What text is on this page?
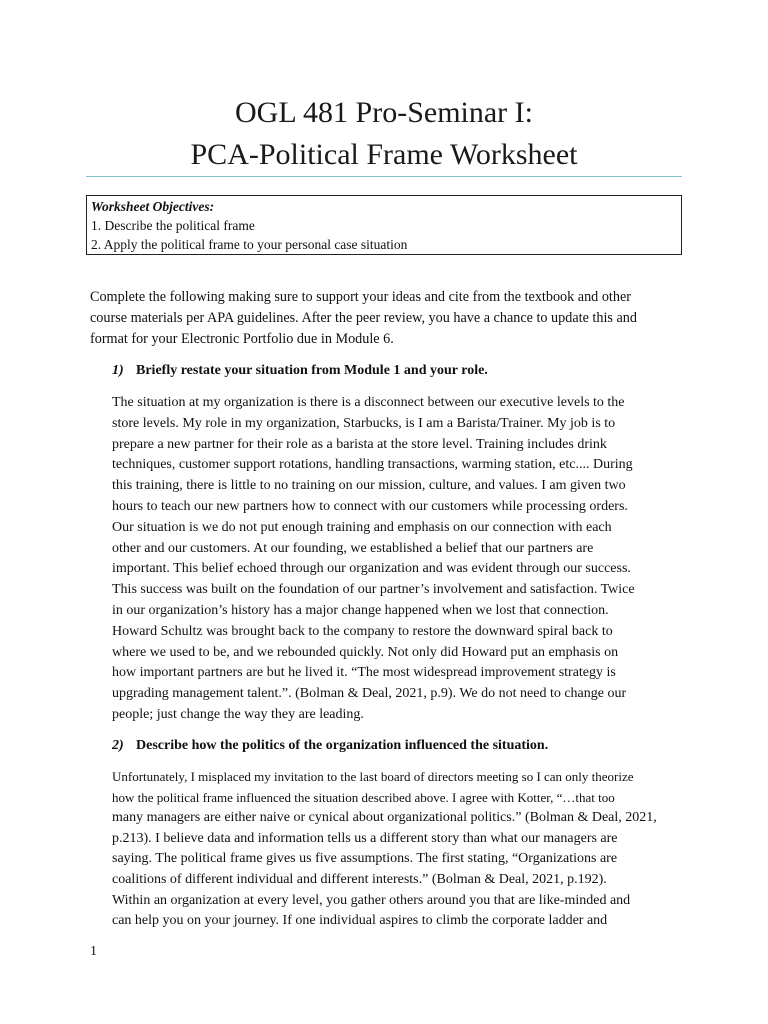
OGL 481 Pro-Seminar I:
PCA-Political Frame Worksheet
Worksheet Objectives:
1. Describe the political frame
2. Apply the political frame to your personal case situation
Complete the following making sure to support your ideas and cite from the textbook and other
course materials per APA guidelines. After the peer review, you have a chance to update this and
format for your Electronic Portfolio due in Module 6.
1) Briefly restate your situation from Module 1 and your role.
The situation at my organization is there is a disconnect between our executive levels to the
store levels. My role in my organization, Starbucks, is I am a Barista/Trainer. My job is to
prepare a new partner for their role as a barista at the store level. Training includes drink
techniques, customer support rotations, handling transactions, warming station, etc.... During
this training, there is little to no training on our mission, culture, and values. I am given two
hours to teach our new partners how to connect with our customers while processing orders.
Our situation is we do not put enough training and emphasis on our connection with each
other and our customers. At our founding, we established a belief that our partners are
important. This belief echoed through our organization and was evident through our success.
This success was built on the foundation of our partner’s involvement and satisfaction. Twice
in our organization’s history has a major change happened when we lost that connection.
Howard Schultz was brought back to the company to restore the downward spiral back to
where we used to be, and we rebounded quickly. Not only did Howard put an emphasis on
how important partners are but he lived it. “The most widespread improvement strategy is
upgrading management talent.”. (Bolman & Deal, 2021, p.9). We do not need to change our
people; just change the way they are leading.
2) Describe how the politics of the organization influenced the situation.
Unfortunately, I misplaced my invitation to the last board of directors meeting so I can only theorize
how the political frame influenced the situation described above. I agree with Kotter, “…that too
many managers are either naive or cynical about organizational politics.” (Bolman & Deal, 2021,
p.213). I believe data and information tells us a different story than what our managers are
saying. The political frame gives us five assumptions. The first stating, “Organizations are
coalitions of different individual and different interests.” (Bolman & Deal, 2021, p.192).
Within an organization at every level, you gather others around you that are like-minded and
can help you on your journey. If one individual aspires to climb the corporate ladder and
1
